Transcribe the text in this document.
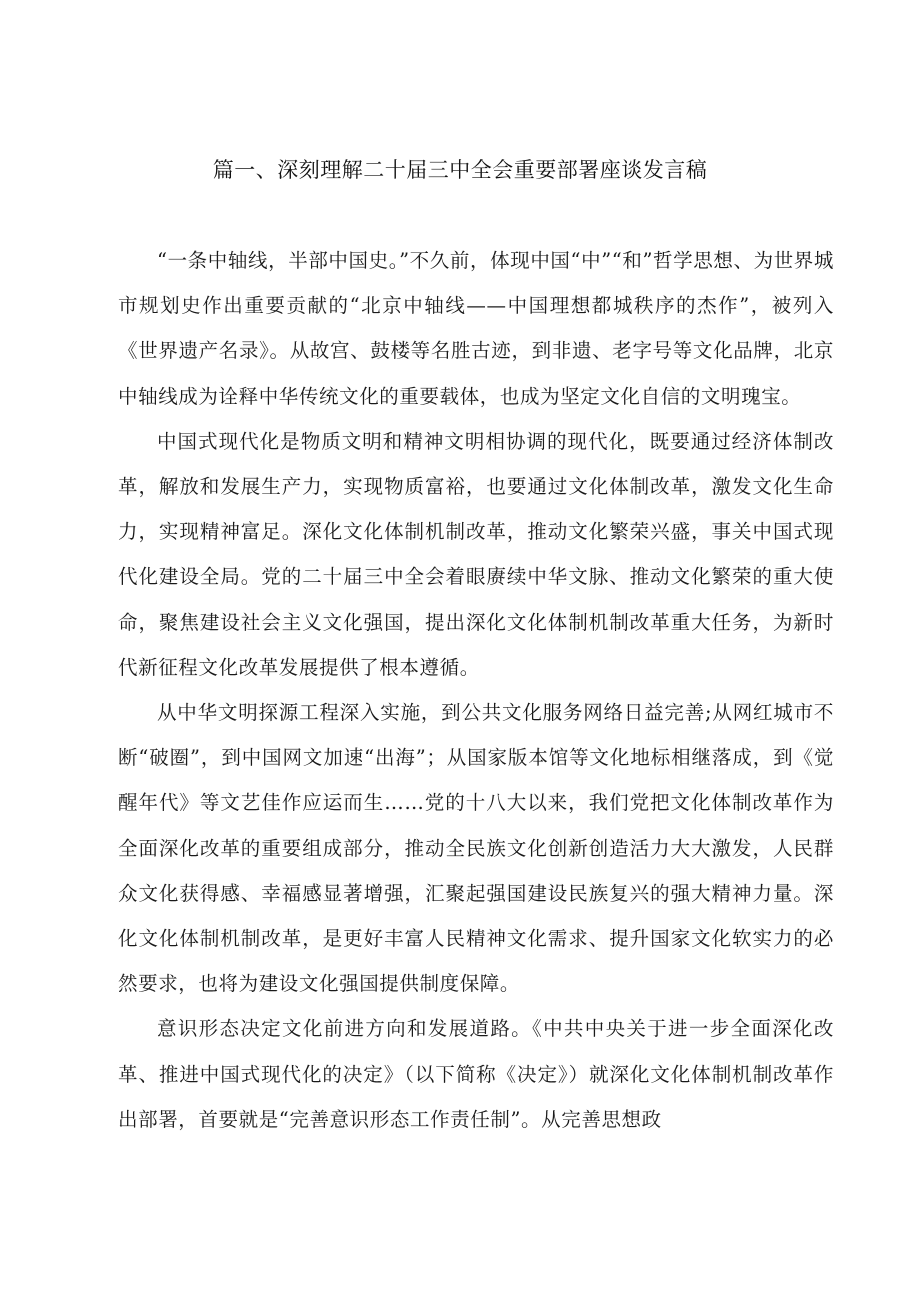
篇一、深刻理解二十届三中全会重要部署座谈发言稿

“一条中轴线，半部中国史。”不久前，体现中国“中”“和”哲学思想、为世界城市规划史作出重要贡献的“北京中轴线——中国理想都城秩序的杰作”，被列入《世界遗产名录》。从故宫、鼓楼等名胜古迹，到非遗、老字号等文化品牌，北京中轴线成为诠释中华传统文化的重要载体，也成为坚定文化自信的文明瑰宝。

中国式现代化是物质文明和精神文明相协调的现代化，既要通过经济体制改革，解放和发展生产力，实现物质富裕，也要通过文化体制改革，激发文化生命力，实现精神富足。深化文化体制机制改革，推动文化繁荣兴盛，事关中国式现代化建设全局。党的二十届三中全会着眼赓续中华文脉、推动文化繁荣的重大使命，聚焦建设社会主义文化强国，提出深化文化体制机制改革重大任务，为新时代新征程文化改革发展提供了根本遵循。

从中华文明探源工程深入实施，到公共文化服务网络日益完善;从网红城市不断“破圈”，到中国网文加速“出海”；从国家版本馆等文化地标相继落成，到《觉醒年代》等文艺佳作应运而生……党的十八大以来，我们党把文化体制改革作为全面深化改革的重要组成部分，推动全民族文化创新创造活力大大激发，人民群众文化获得感、幸福感显著增强，汇聚起强国建设民族复兴的强大精神力量。深化文化体制机制改革，是更好丰富人民精神文化需求、提升国家文化软实力的必然要求，也将为建设文化强国提供制度保障。

意识形态决定文化前进方向和发展道路。《中共中央关于进一步全面深化改革、推进中国式现代化的决定》（以下简称《决定》）就深化文化体制机制改革作出部署，首要就是“完善意识形态工作责任制”。从完善思想政
